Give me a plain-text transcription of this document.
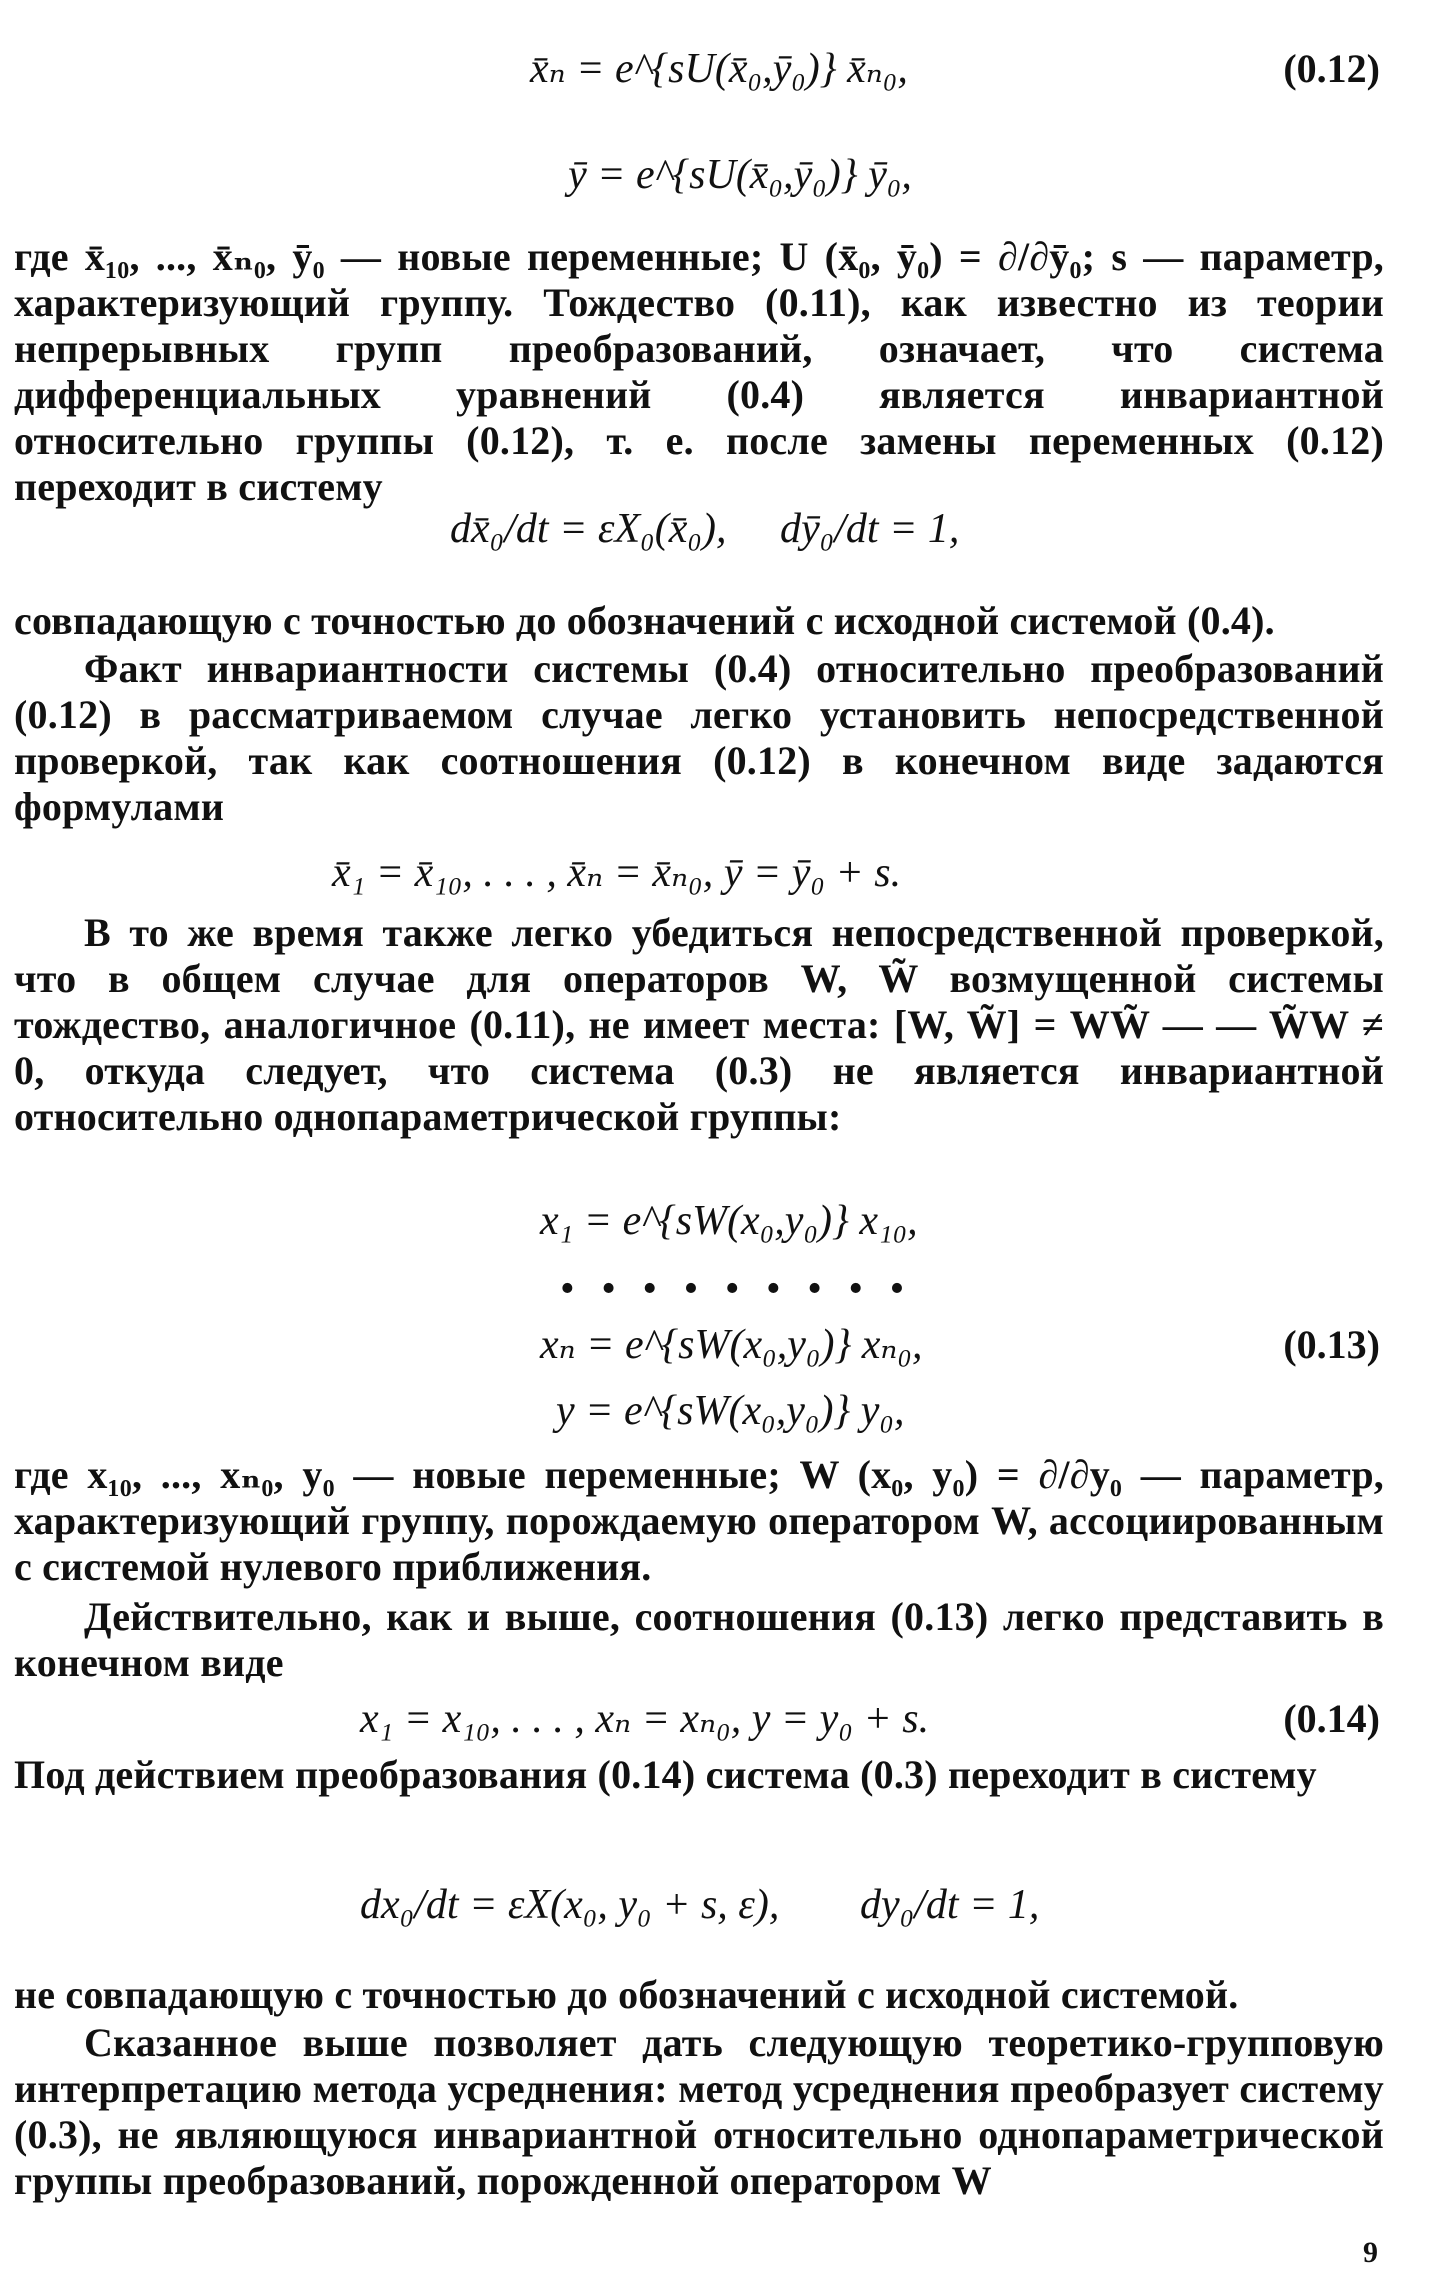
x̄ₙ = e^{sU(x̄₀,ȳ₀)} x̄ₙ₀,	(0.12)
ȳ = e^{sU(x̄₀,ȳ₀)} ȳ₀,

где x̄₁₀, ..., x̄ₙ₀, ȳ₀ — новые переменные; U (x̄₀, ȳ₀) = ∂/∂ȳ₀; s — параметр, характеризующий группу. Тождество (0.11), как известно из теории непрерывных групп преобразований, означает, что система дифференциальных уравнений (0.4) является инвариантной относительно группы (0.12), т. е. после замены переменных (0.12) переходит в систему

dx̄₀/dt = εX₀(x̄₀), dȳ₀/dt = 1,

совпадающую с точностью до обозначений с исходной системой (0.4).

Факт инвариантности системы (0.4) относительно преобразований (0.12) в рассматриваемом случае легко установить непосредственной проверкой, так как соотношения (0.12) в конечном виде задаются формулами

x̄₁ = x̄₁₀, . . . , x̄ₙ = x̄ₙ₀, ȳ = ȳ₀ + s.

В то же время также легко убедиться непосредственной проверкой, что в общем случае для операторов W, W̃ возмущенной системы тождество, аналогичное (0.11), не имеет места: [W, W̃] = WW̃ — — W̃W ≠ 0, откуда следует, что система (0.3) не является инвариантной относительно однопараметрической группы:

x₁ = e^{sW(x₀,y₀)} x₁₀,
• • • • • • • • •
xₙ = e^{sW(x₀,y₀)} xₙ₀,	(0.13)
y = e^{sW(x₀,y₀)} y₀,

где x₁₀, ..., xₙ₀, y₀ — новые переменные; W (x₀, y₀) = ∂/∂y₀ — параметр, характеризующий группу, порождаемую оператором W, ассоциированным с системой нулевого приближения.

Действительно, как и выше, соотношения (0.13) легко представить в конечном виде

x₁ = x₁₀, . . . , xₙ = xₙ₀, y = y₀ + s.	(0.14)

Под действием преобразования (0.14) система (0.3) переходит в систему

dx₀/dt = εX(x₀, y₀ + s, ε), dy₀/dt = 1,

не совпадающую с точностью до обозначений с исходной системой.

Сказанное выше позволяет дать следующую теоретико-групповую интерпретацию метода усреднения: метод усреднения преобразует систему (0.3), не являющуюся инвариантной относительно однопараметрической группы преобразований, порожденной оператором W

9
